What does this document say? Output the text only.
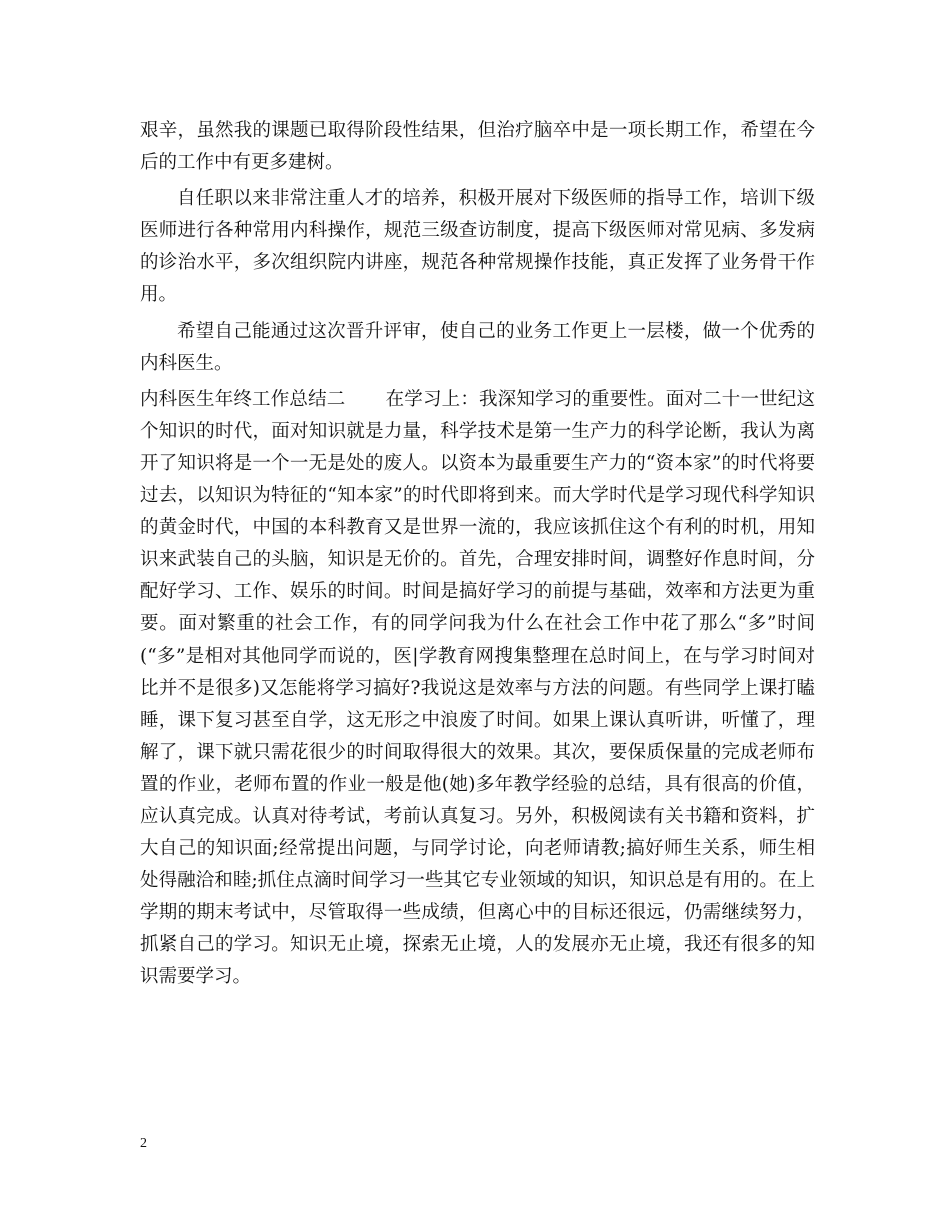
艰辛，虽然我的课题已取得阶段性结果，但治疗脑卒中是一项长期工作，希望在今后的工作中有更多建树。

自任职以来非常注重人才的培养，积极开展对下级医师的指导工作，培训下级医师进行各种常用内科操作，规范三级查访制度，提高下级医师对常见病、多发病的诊治水平，多次组织院内讲座，规范各种常规操作技能，真正发挥了业务骨干作用。

希望自己能通过这次晋升评审，使自己的业务工作更上一层楼，做一个优秀的内科医生。

内科医生年终工作总结二 在学习上：我深知学习的重要性。面对二十一世纪这个知识的时代，面对知识就是力量，科学技术是第一生产力的科学论断，我认为离开了知识将是一个一无是处的废人。以资本为最重要生产力的“资本家”的时代将要过去，以知识为特征的“知本家”的时代即将到来。而大学时代是学习现代科学知识的黄金时代，中国的本科教育又是世界一流的，我应该抓住这个有利的时机，用知识来武装自己的头脑，知识是无价的。首先，合理安排时间，调整好作息时间，分配好学习、工作、娱乐的时间。时间是搞好学习的前提与基础，效率和方法更为重要。面对繁重的社会工作，有的同学问我为什么在社会工作中花了那么“多”时间(“多”是相对其他同学而说的，医|学教育网搜集整理在总时间上，在与学习时间对比并不是很多)又怎能将学习搞好?我说这是效率与方法的问题。有些同学上课打瞌睡，课下复习甚至自学，这无形之中浪废了时间。如果上课认真听讲，听懂了，理解了，课下就只需花很少的时间取得很大的效果。其次，要保质保量的完成老师布置的作业，老师布置的作业一般是他(她)多年教学经验的总结，具有很高的价值，应认真完成。认真对待考试，考前认真复习。另外，积极阅读有关书籍和资料，扩大自己的知识面;经常提出问题，与同学讨论，向老师请教;搞好师生关系，师生相处得融洽和睦;抓住点滴时间学习一些其它专业领域的知识，知识总是有用的。在上学期的期末考试中，尽管取得一些成绩，但离心中的目标还很远，仍需继续努力，抓紧自己的学习。知识无止境，探索无止境，人的发展亦无止境，我还有很多的知识需要学习。

2
